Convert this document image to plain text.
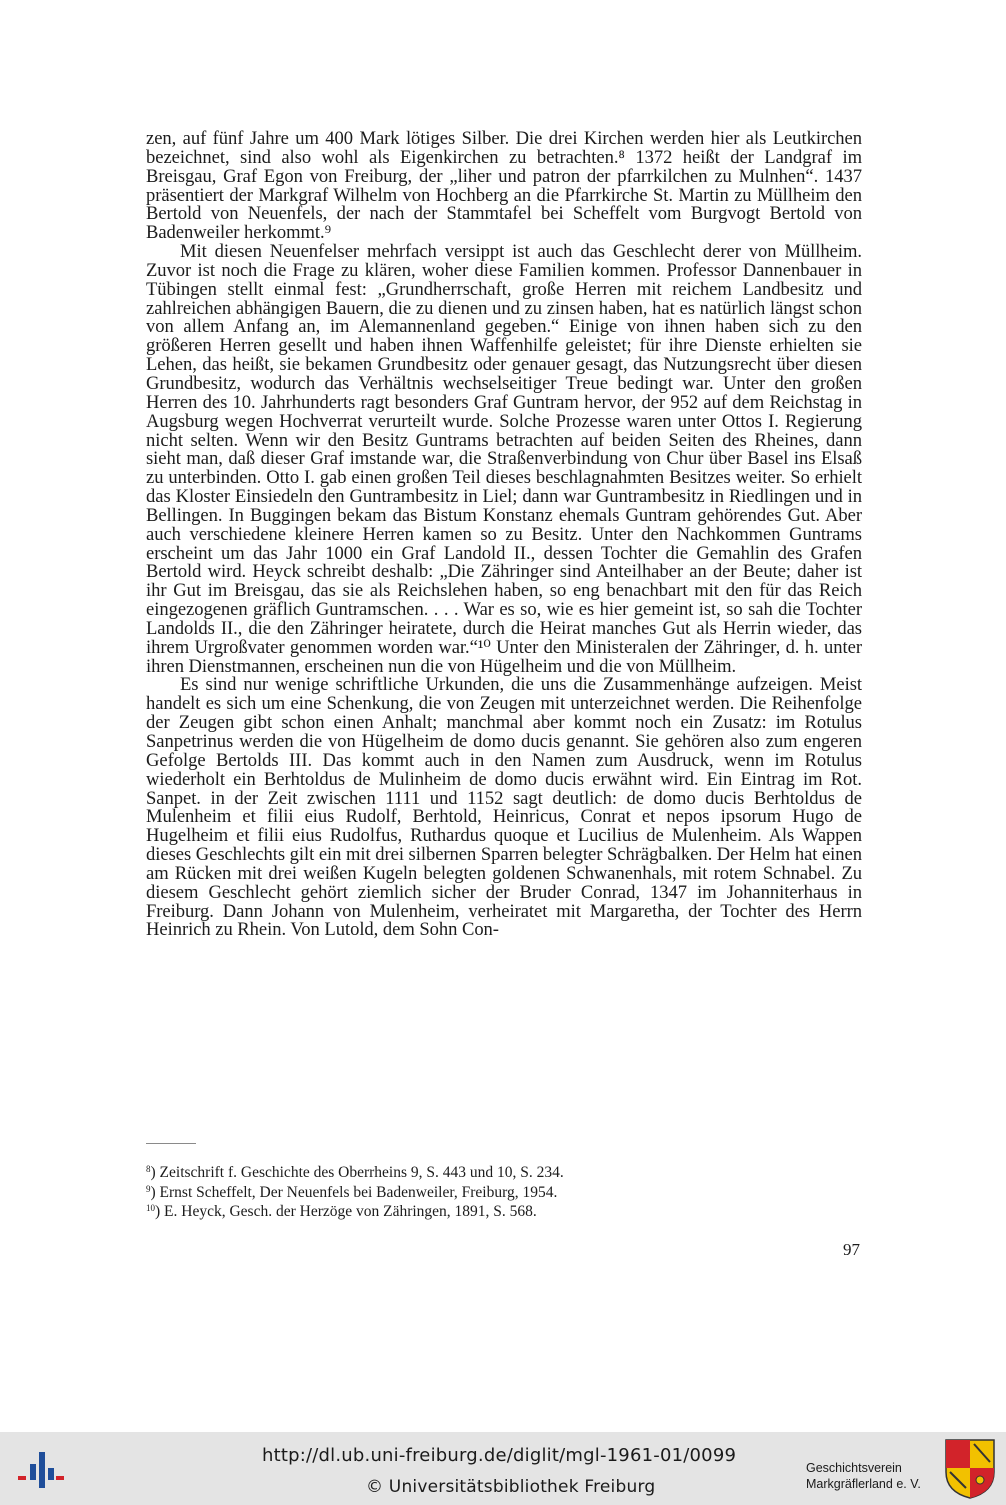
zen, auf fünf Jahre um 400 Mark lötiges Silber. Die drei Kirchen werden hier als Leutkirchen bezeichnet, sind also wohl als Eigenkirchen zu betrachten.⁸ 1372 heißt der Landgraf im Breisgau, Graf Egon von Freiburg, der „liher und patron der pfarrkilchen zu Mulnhen“. 1437 präsentiert der Markgraf Wilhelm von Hochberg an die Pfarrkirche St. Martin zu Müllheim den Bertold von Neuenfels, der nach der Stammtafel bei Scheffelt vom Burgvogt Bertold von Badenweiler herkommt.⁹

Mit diesen Neuenfelser mehrfach versippt ist auch das Geschlecht derer von Müllheim. Zuvor ist noch die Frage zu klären, woher diese Familien kommen. Professor Dannenbauer in Tübingen stellt einmal fest: „Grundherrschaft, große Herren mit reichem Landbesitz und zahlreichen abhängigen Bauern, die zu dienen und zu zinsen haben, hat es natürlich längst schon von allem Anfang an, im Alemannenland gegeben.“ Einige von ihnen haben sich zu den größeren Herren gesellt und haben ihnen Waffenhilfe geleistet; für ihre Dienste erhielten sie Lehen, das heißt, sie bekamen Grundbesitz oder genauer gesagt, das Nutzungsrecht über diesen Grundbesitz, wodurch das Verhältnis wechselseitiger Treue bedingt war. Unter den großen Herren des 10. Jahrhunderts ragt besonders Graf Guntram hervor, der 952 auf dem Reichstag in Augsburg wegen Hochverrat verurteilt wurde. Solche Prozesse waren unter Ottos I. Regierung nicht selten. Wenn wir den Besitz Guntrams betrachten auf beiden Seiten des Rheines, dann sieht man, daß dieser Graf imstande war, die Straßenverbindung von Chur über Basel ins Elsaß zu unterbinden. Otto I. gab einen großen Teil dieses beschlagnahmten Besitzes weiter. So erhielt das Kloster Einsiedeln den Guntrambesitz in Liel; dann war Guntrambesitz in Riedlingen und in Bellingen. In Buggingen bekam das Bistum Konstanz ehemals Guntram gehörendes Gut. Aber auch verschiedene kleinere Herren kamen so zu Besitz. Unter den Nachkommen Guntrams erscheint um das Jahr 1000 ein Graf Landold II., dessen Tochter die Gemahlin des Grafen Bertold wird. Heyck schreibt deshalb: „Die Zähringer sind Anteilhaber an der Beute; daher ist ihr Gut im Breisgau, das sie als Reichslehen haben, so eng benachbart mit den für das Reich eingezogenen gräflich Guntramschen. . . . War es so, wie es hier gemeint ist, so sah die Tochter Landolds II., die den Zähringer heiratete, durch die Heirat manches Gut als Herrin wieder, das ihrem Urgroßvater genommen worden war.“¹⁰ Unter den Ministeralen der Zähringer, d. h. unter ihren Dienstmannen, erscheinen nun die von Hügelheim und die von Müllheim.

Es sind nur wenige schriftliche Urkunden, die uns die Zusammenhänge aufzeigen. Meist handelt es sich um eine Schenkung, die von Zeugen mit unterzeichnet werden. Die Reihenfolge der Zeugen gibt schon einen Anhalt; manchmal aber kommt noch ein Zusatz: im Rotulus Sanpetrinus werden die von Hügelheim de domo ducis genannt. Sie gehören also zum engeren Gefolge Bertolds III. Das kommt auch in den Namen zum Ausdruck, wenn im Rotulus wiederholt ein Berhtoldus de Mulinheim de domo ducis erwähnt wird. Ein Eintrag im Rot. Sanpet. in der Zeit zwischen 1111 und 1152 sagt deutlich: de domo ducis Berhtoldus de Mulenheim et filii eius Rudolf, Berhtold, Heinricus, Conrat et nepos ipsorum Hugo de Hugelheim et filii eius Rudolfus, Ruthardus quoque et Lucilius de Mulenheim. Als Wappen dieses Geschlechts gilt ein mit drei silbernen Sparren belegter Schrägbalken. Der Helm hat einen am Rücken mit drei weißen Kugeln belegten goldenen Schwanenhals, mit rotem Schnabel. Zu diesem Geschlecht gehört ziemlich sicher der Bruder Conrad, 1347 im Johanniterhaus in Freiburg. Dann Johann von Mulenheim, verheiratet mit Margaretha, der Tochter des Herrn Heinrich zu Rhein. Von Lutold, dem Sohn Con-

$^8$) Zeitschrift f. Geschichte des Oberrheins 9, S. 443 und 10, S. 234.
$^9$) Ernst Scheffelt, Der Neuenfels bei Badenweiler, Freiburg, 1954.
$^{10}$) E. Heyck, Gesch. der Herzöge von Zähringen, 1891, S. 568.
97
http://dl.ub.uni-freiburg.de/diglit/mgl-1961-01/0099
© Universitätsbibliothek Freiburg
Geschichtsverein
Markgräflerland e. V.
